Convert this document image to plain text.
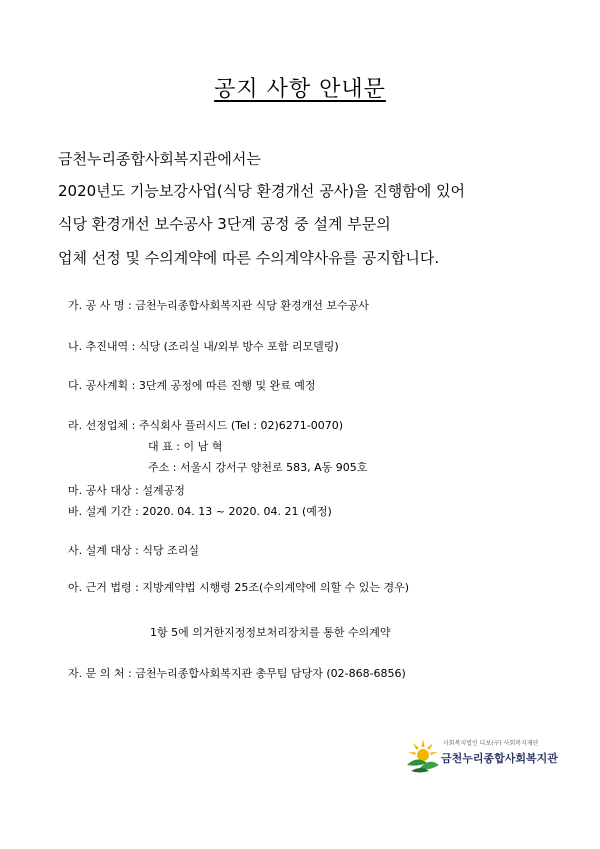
공지 사항 안내문
금천누리종합사회복지관에서는
2020년도 기능보강사업(식당 환경개선 공사)을 진행함에 있어
식당 환경개선 보수공사 3단계 공정 중 설계 부문의
업체 선정 및 수의계약에 따른 수의계약사유를 공지합니다.
가. 공 사 명 : 금천누리종합사회복지관 식당 환경개선 보수공사
나. 추진내역 : 식당 (조리실 내/외부 방수 포함 리모델링)
다. 공사계획 : 3단계 공정에 따른 진행 및 완료 예정
라. 선정업체 : 주식회사 플러시드 (Tel : 02)6271-0070)
대 표 : 이 남 혁
주소 : 서울시 강서구 양천로 583, A동 905호
마. 공사 대상 : 설계공정
바. 설계 기간 : 2020. 04. 13 ~ 2020. 04. 21 (예정)
사. 설계 대상 : 식당 조리실
아. 근거 법령 : 지방계약법 시행령 25조(수의계약에 의할 수 있는 경우)
1항 5에 의거한지정정보처리장치를 통한 수의계약
자. 문 의 처 : 금천누리종합사회복지관 총무팀 담당자 (02-868-6856)
사회복지법인 다보(구) 사회복지재단
금천누리종합사회복지관
